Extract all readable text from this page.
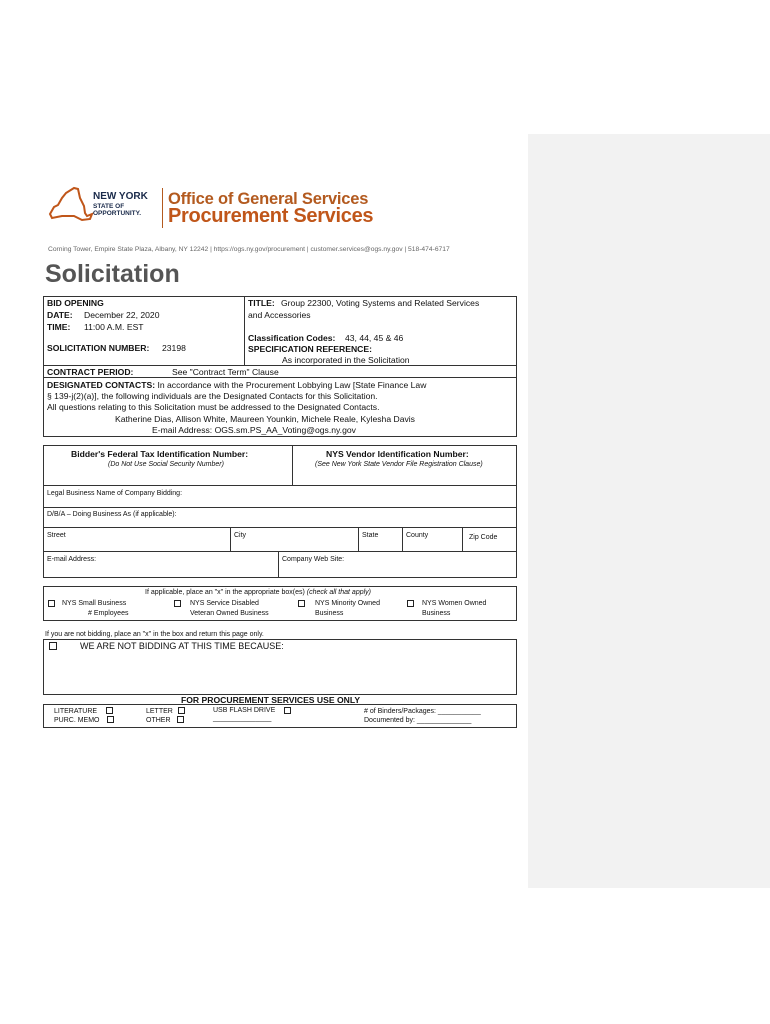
NEW YORK
STATE OF
OPPORTUNITY.
Office of General Services
Procurement Services
Corning Tower, Empire State Plaza, Albany, NY 12242 | https://ogs.ny.gov/procurement | customer.services@ogs.ny.gov | 518-474-6717
Solicitation
BID OPENING
DATE: December 22, 2020
TIME: 11:00 A.M. EST
SOLICITATION NUMBER: 23198
TITLE: Group 22300, Voting Systems and Related Services
and Accessories
Classification Codes: 43, 44, 45 & 46
SPECIFICATION REFERENCE:
As incorporated in the Solicitation
CONTRACT PERIOD:	See "Contract Term" Clause
DESIGNATED CONTACTS: In accordance with the Procurement Lobbying Law [State Finance Law
§ 139-j(2)(a)], the following individuals are the Designated Contacts for this Solicitation.
All questions relating to this Solicitation must be addressed to the Designated Contacts.
Katherine Dias, Allison White, Maureen Younkin, Michele Reale, Kylesha Davis
E-mail Address: OGS.sm.PS_AA_Voting@ogs.ny.gov
Bidder's Federal Tax Identification Number:
(Do Not Use Social Security Number)
NYS Vendor Identification Number:
(See New York State Vendor File Registration Clause)
Legal Business Name of Company Bidding:
D/B/A – Doing Business As (if applicable):
Street	City	State	County	Zip Code
E-mail Address:	Company Web Site:
If applicable, place an "x" in the appropriate box(es) (check all that apply)
NYS Small Business
# Employees
NYS Service Disabled
Veteran Owned Business
NYS Minority Owned
Business
NYS Women Owned
Business
If you are not bidding, place an "x" in the box and return this page only.
WE ARE NOT BIDDING AT THIS TIME BECAUSE:
FOR PROCUREMENT SERVICES USE ONLY
LITERATURE
PURC. MEMO
LETTER
OTHER
USB FLASH DRIVE
_______________
# of Binders/Packages: ___________
Documented by: ______________
